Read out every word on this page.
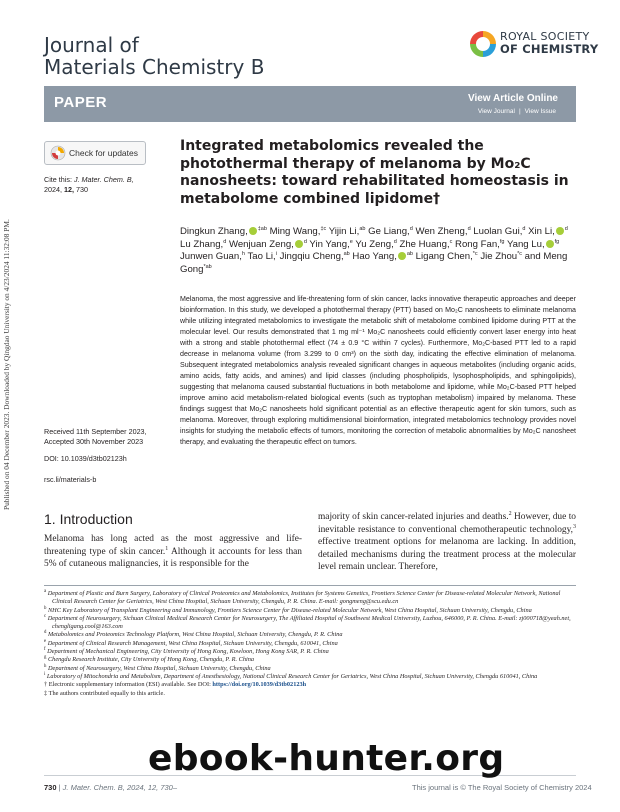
Published on 04 December 2023. Downloaded by Qingdao University on 4/23/2024 11:32:08 PM.
Journal of
Materials Chemistry B
ROYAL SOCIETY
OF CHEMISTRY
PAPER	View Article Online
View Journal | View Issue
Check for updates
Cite this: J. Mater. Chem. B,
2024, 12, 730
Integrated metabolomics revealed the photothermal therapy of melanoma by Mo₂C nanosheets: toward rehabilitated homeostasis in metabolome combined lipidome†
Dingkun Zhang, $^{\ddagger ab}$ Ming Wang,$^{\ddagger c}$ Yijin Li,$^{ab}$ Ge Liang,$^d$ Wen Zheng,$^d$ Luolan Gui,$^d$ Xin Li, $^d$ Lu Zhang,$^d$ Wenjuan Zeng, $^d$ Yin Yang,$^e$ Yu Zeng,$^d$ Zhe Huang,$^c$ Rong Fan,$^{fg}$ Yang Lu, $^{fg}$ Junwen Guan,$^h$ Tao Li,$^i$ Jingqiu Cheng,$^{ab}$ Hao Yang, $^{ab}$ Ligang Chen,$^{*c}$ Jie Zhou$^{*c}$ and Meng Gong$^{*ab}$

Melanoma, the most aggressive and life-threatening form of skin cancer, lacks innovative therapeutic approaches and deeper bioinformation. In this study, we developed a photothermal therapy (PTT) based on Mo₂C nanosheets to eliminate melanoma while utilizing integrated metabolomics to investigate the metabolic shift of metabolome combined lipidome during PTT at the molecular level. Our results demonstrated that 1 mg ml⁻¹ Mo₂C nanosheets could efficiently convert laser energy into heat with a strong and stable photothermal effect (74 ± 0.9 °C within 7 cycles). Furthermore, Mo₂C-based PTT led to a rapid decrease in melanoma volume (from 3.299 to 0 cm³) on the sixth day, indicating the effective elimination of melanoma. Subsequent integrated metabolomics analysis revealed significant changes in aqueous metabolites (including organic acids, amino acids, fatty acids, and amines) and lipid classes (including phospholipids, lysophospholipids, and sphingolipids), suggesting that melanoma caused substantial fluctuations in both metabolome and lipidome, while Mo₂C-based PTT helped improve amino acid metabolism-related biological events (such as tryptophan metabolism) impaired by melanoma. These findings suggest that Mo₂C nanosheets hold significant potential as an effective therapeutic agent for skin tumors, such as melanoma. Moreover, through exploring multidimensional bioinformation, integrated metabolomics technology provides novel insights for studying the metabolic effects of tumors, monitoring the correction of metabolic abnormalities by Mo₂C nanosheet therapy, and evaluating the therapeutic effect on tumors.

Received 11th September 2023,
Accepted 30th November 2023
DOI: 10.1039/d3tb02123h
rsc.li/materials-b
1. Introduction
Melanoma has long acted as the most aggressive and life-threatening type of skin cancer.$^1$ Although it accounts for less than 5% of cutaneous malignancies, it is responsible for the
majority of skin cancer-related injuries and deaths.$^2$ However, due to inevitable resistance to conventional chemotherapeutic technology,$^3$ effective treatment options for melanoma are lacking. In addition, detailed mechanisms during the treatment process at the molecular level remain unclear. Therefore,
$^a$ Department of Plastic and Burn Surgery, Laboratory of Clinical Proteomics and Metabolomics, Institutes for Systems Genetics, Frontiers Science Center for Disease-related Molecular Network, National Clinical Research Center for Geriatrics, West China Hospital, Sichuan University, Chengdu, P. R. China. E-mail: gongmeng@scu.edu.cn
$^b$ NHC Key Laboratory of Transplant Engineering and Immunology, Frontiers Science Center for Disease-related Molecular Network, West China Hospital, Sichuan University, Chengdu, China
$^c$ Department of Neurosurgery, Sichuan Clinical Medical Research Center for Neurosurgery, The Affiliated Hospital of Southwest Medical University, Luzhou, 646000, P. R. China. E-mail: zj000718@yeah.net, chengligang.cool@163.com
$^d$ Metabolomics and Proteomics Technology Platform, West China Hospital, Sichuan University, Chengdu, P. R. China
$^e$ Department of Clinical Research Management, West China Hospital, Sichuan University, Chengdu, 610041, China
$^f$ Department of Mechanical Engineering, City University of Hong Kong, Kowloon, Hong Kong SAR, P. R. China
$^g$ Chengdu Research Institute, City University of Hong Kong, Chengdu, P. R. China
$^h$ Department of Neurosurgery, West China Hospital, Sichuan University, Chengdu, China
$^i$ Laboratory of Mitochondria and Metabolism, Department of Anesthesiology, National Clinical Research Center for Geriatrics, West China Hospital, Sichuan University, Chengdu 610041, China
† Electronic supplementary information (ESI) available. See DOI: https://doi.org/10.1039/d3tb02123h
‡ The authors contributed equally to this article.
730 | J. Mater. Chem. B, 2024, 12, 730–	This journal is © The Royal Society of Chemistry 2024
ebook-hunter.org
